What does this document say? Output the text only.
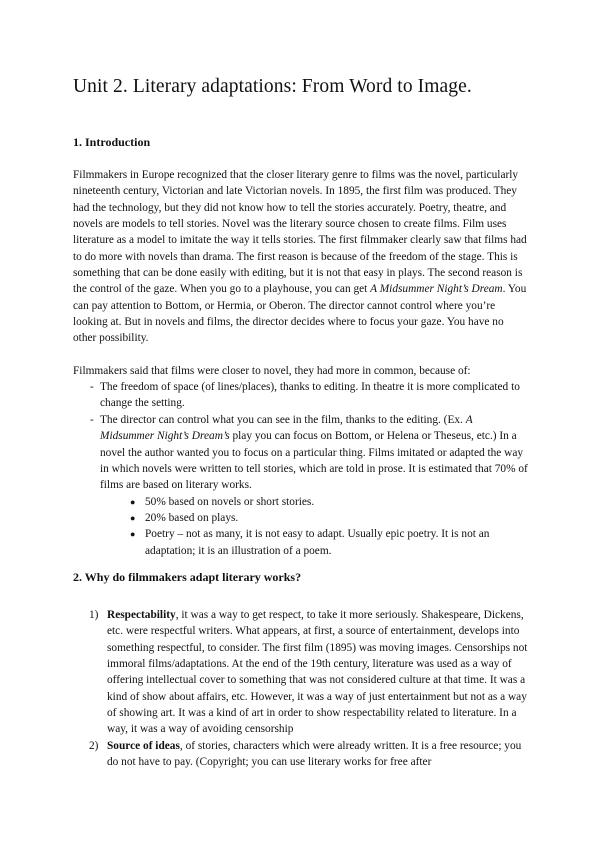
Unit 2. Literary adaptations: From Word to Image.
1. Introduction

Filmmakers in Europe recognized that the closer literary genre to films was the novel, particularly nineteenth century, Victorian and late Victorian novels. In 1895, the first film was produced. They had the technology, but they did not know how to tell the stories accurately. Poetry, theatre, and novels are models to tell stories. Novel was the literary source chosen to create films. Film uses literature as a model to imitate the way it tells stories. The first filmmaker clearly saw that films had to do more with novels than drama. The first reason is because of the freedom of the stage. This is something that can be done easily with editing, but it is not that easy in plays. The second reason is the control of the gaze. When you go to a playhouse, you can get A Midsummer Night’s Dream. You can pay attention to Bottom, or Hermia, or Oberon. The director cannot control where you’re looking at. But in novels and films, the director decides where to focus your gaze. You have no other possibility.

Filmmakers said that films were closer to novel, they had more in common, because of:

- The freedom of space (of lines/places), thanks to editing. In theatre it is more complicated to change the setting.
- The director can control what you can see in the film, thanks to the editing. (Ex. A Midsummer Night’s Dream’s play you can focus on Bottom, or Helena or Theseus, etc.) In a novel the author wanted you to focus on a particular thing. Films imitated or adapted the way in which novels were written to tell stories, which are told in prose. It is estimated that 70% of films are based on literary works.
● 50% based on novels or short stories.
● 20% based on plays.
● Poetry – not as many, it is not easy to adapt. Usually epic poetry. It is not an adaptation; it is an illustration of a poem.
2. Why do filmmakers adapt literary works?
1) Respectability, it was a way to get respect, to take it more seriously. Shakespeare, Dickens, etc. were respectful writers. What appears, at first, a source of entertainment, develops into something respectful, to consider. The first film (1895) was moving images. Censorships not immoral films/adaptations. At the end of the 19th century, literature was used as a way of offering intellectual cover to something that was not considered culture at that time. It was a kind of show about affairs, etc. However, it was a way of just entertainment but not as a way of showing art. It was a kind of art in order to show respectability related to literature. In a way, it was a way of avoiding censorship
2) Source of ideas, of stories, characters which were already written. It is a free resource; you do not have to pay. (Copyright; you can use literary works for free after
